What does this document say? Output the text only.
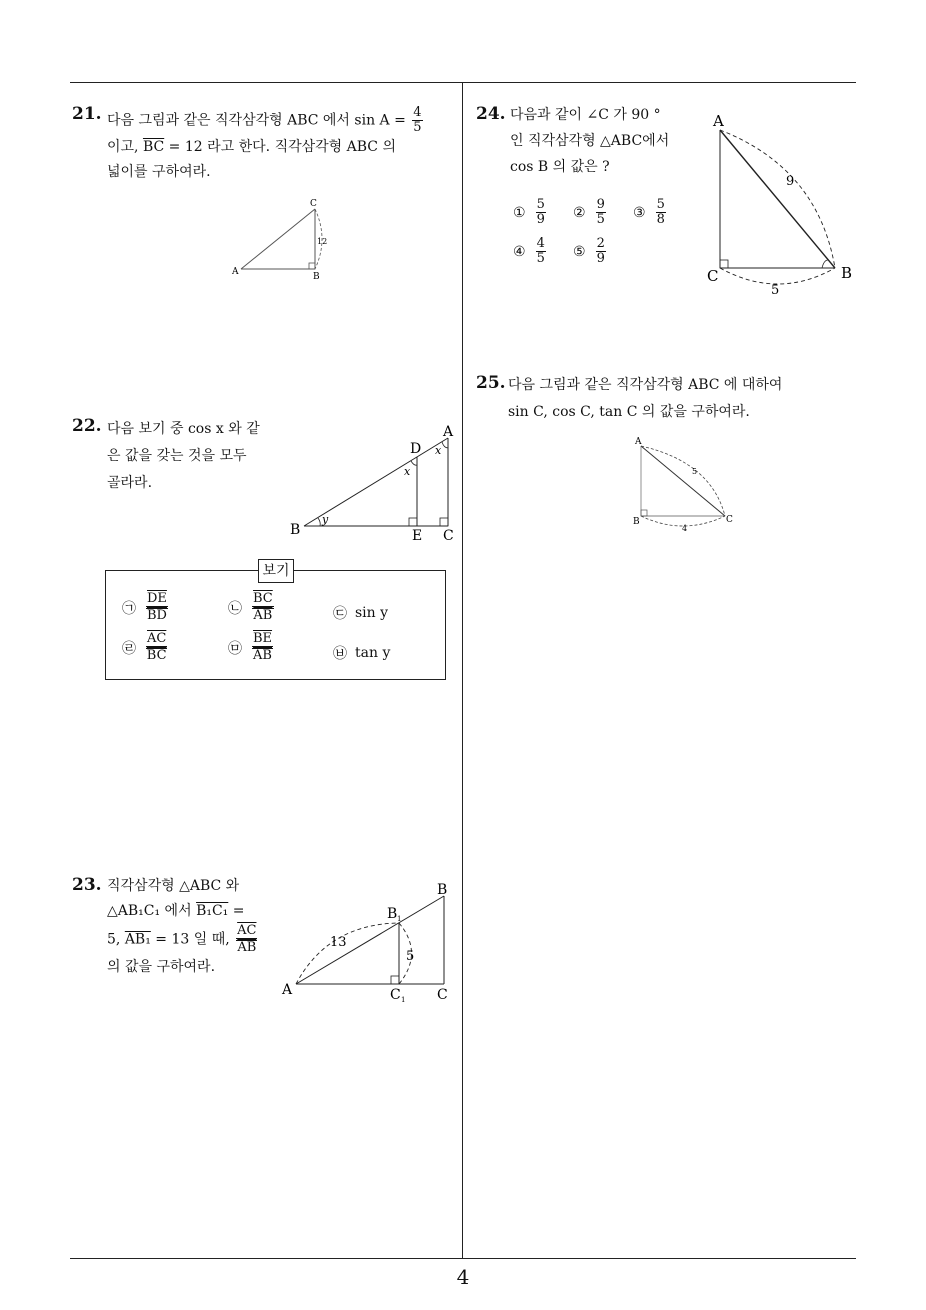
21. 다음 그림과 같은 직각삼각형 ABC 에서 $\sin A = \frac{4}{5}$
이고, $\overline{BC} = 12$ 라고 한다. 직각삼각형 ABC 의
넓이를 구하여라.
A	B
C
12
22. 다음 보기 중 cos x 와 같
은 값을 갖는 것을 모두
골라라.
B	E C
D
A
x
x
y
보기
㉠ $\frac{\overline{DE}}{BD}$	㉡ $\frac{\overline{BC}}{AB}$	㉢ sin y
㉣ $\frac{\overline{AC}}{BC}$	㉤ $\frac{\overline{BE}}{AB}$	㉥ tan y
23. 직각삼각형 △ABC 와
△AB₁C₁ 에서 B₁C₁ =
5, AB₁ = 13 일 때, $\frac{\overline{AC}}{AB}$
의 값을 구하여라.
A
B
C
B 1
C 1
13
5
24. 다음과 같이 ∠C 가 90 °
인 직각삼각형 △ABC에서
cos B 의 값은 ?
① $\frac{5}{9}$ ② $\frac{9}{5}$ ③ $\frac{5}{8}$
④ $\frac{4}{5}$ ⑤ $\frac{2}{9}$
A
C	B
9
5
25. 다음 그림과 같은 직각삼각형 ABC 에 대하여
sin C, cos C, tan C 의 값을 구하여라.
A
B	C
5
4
4
